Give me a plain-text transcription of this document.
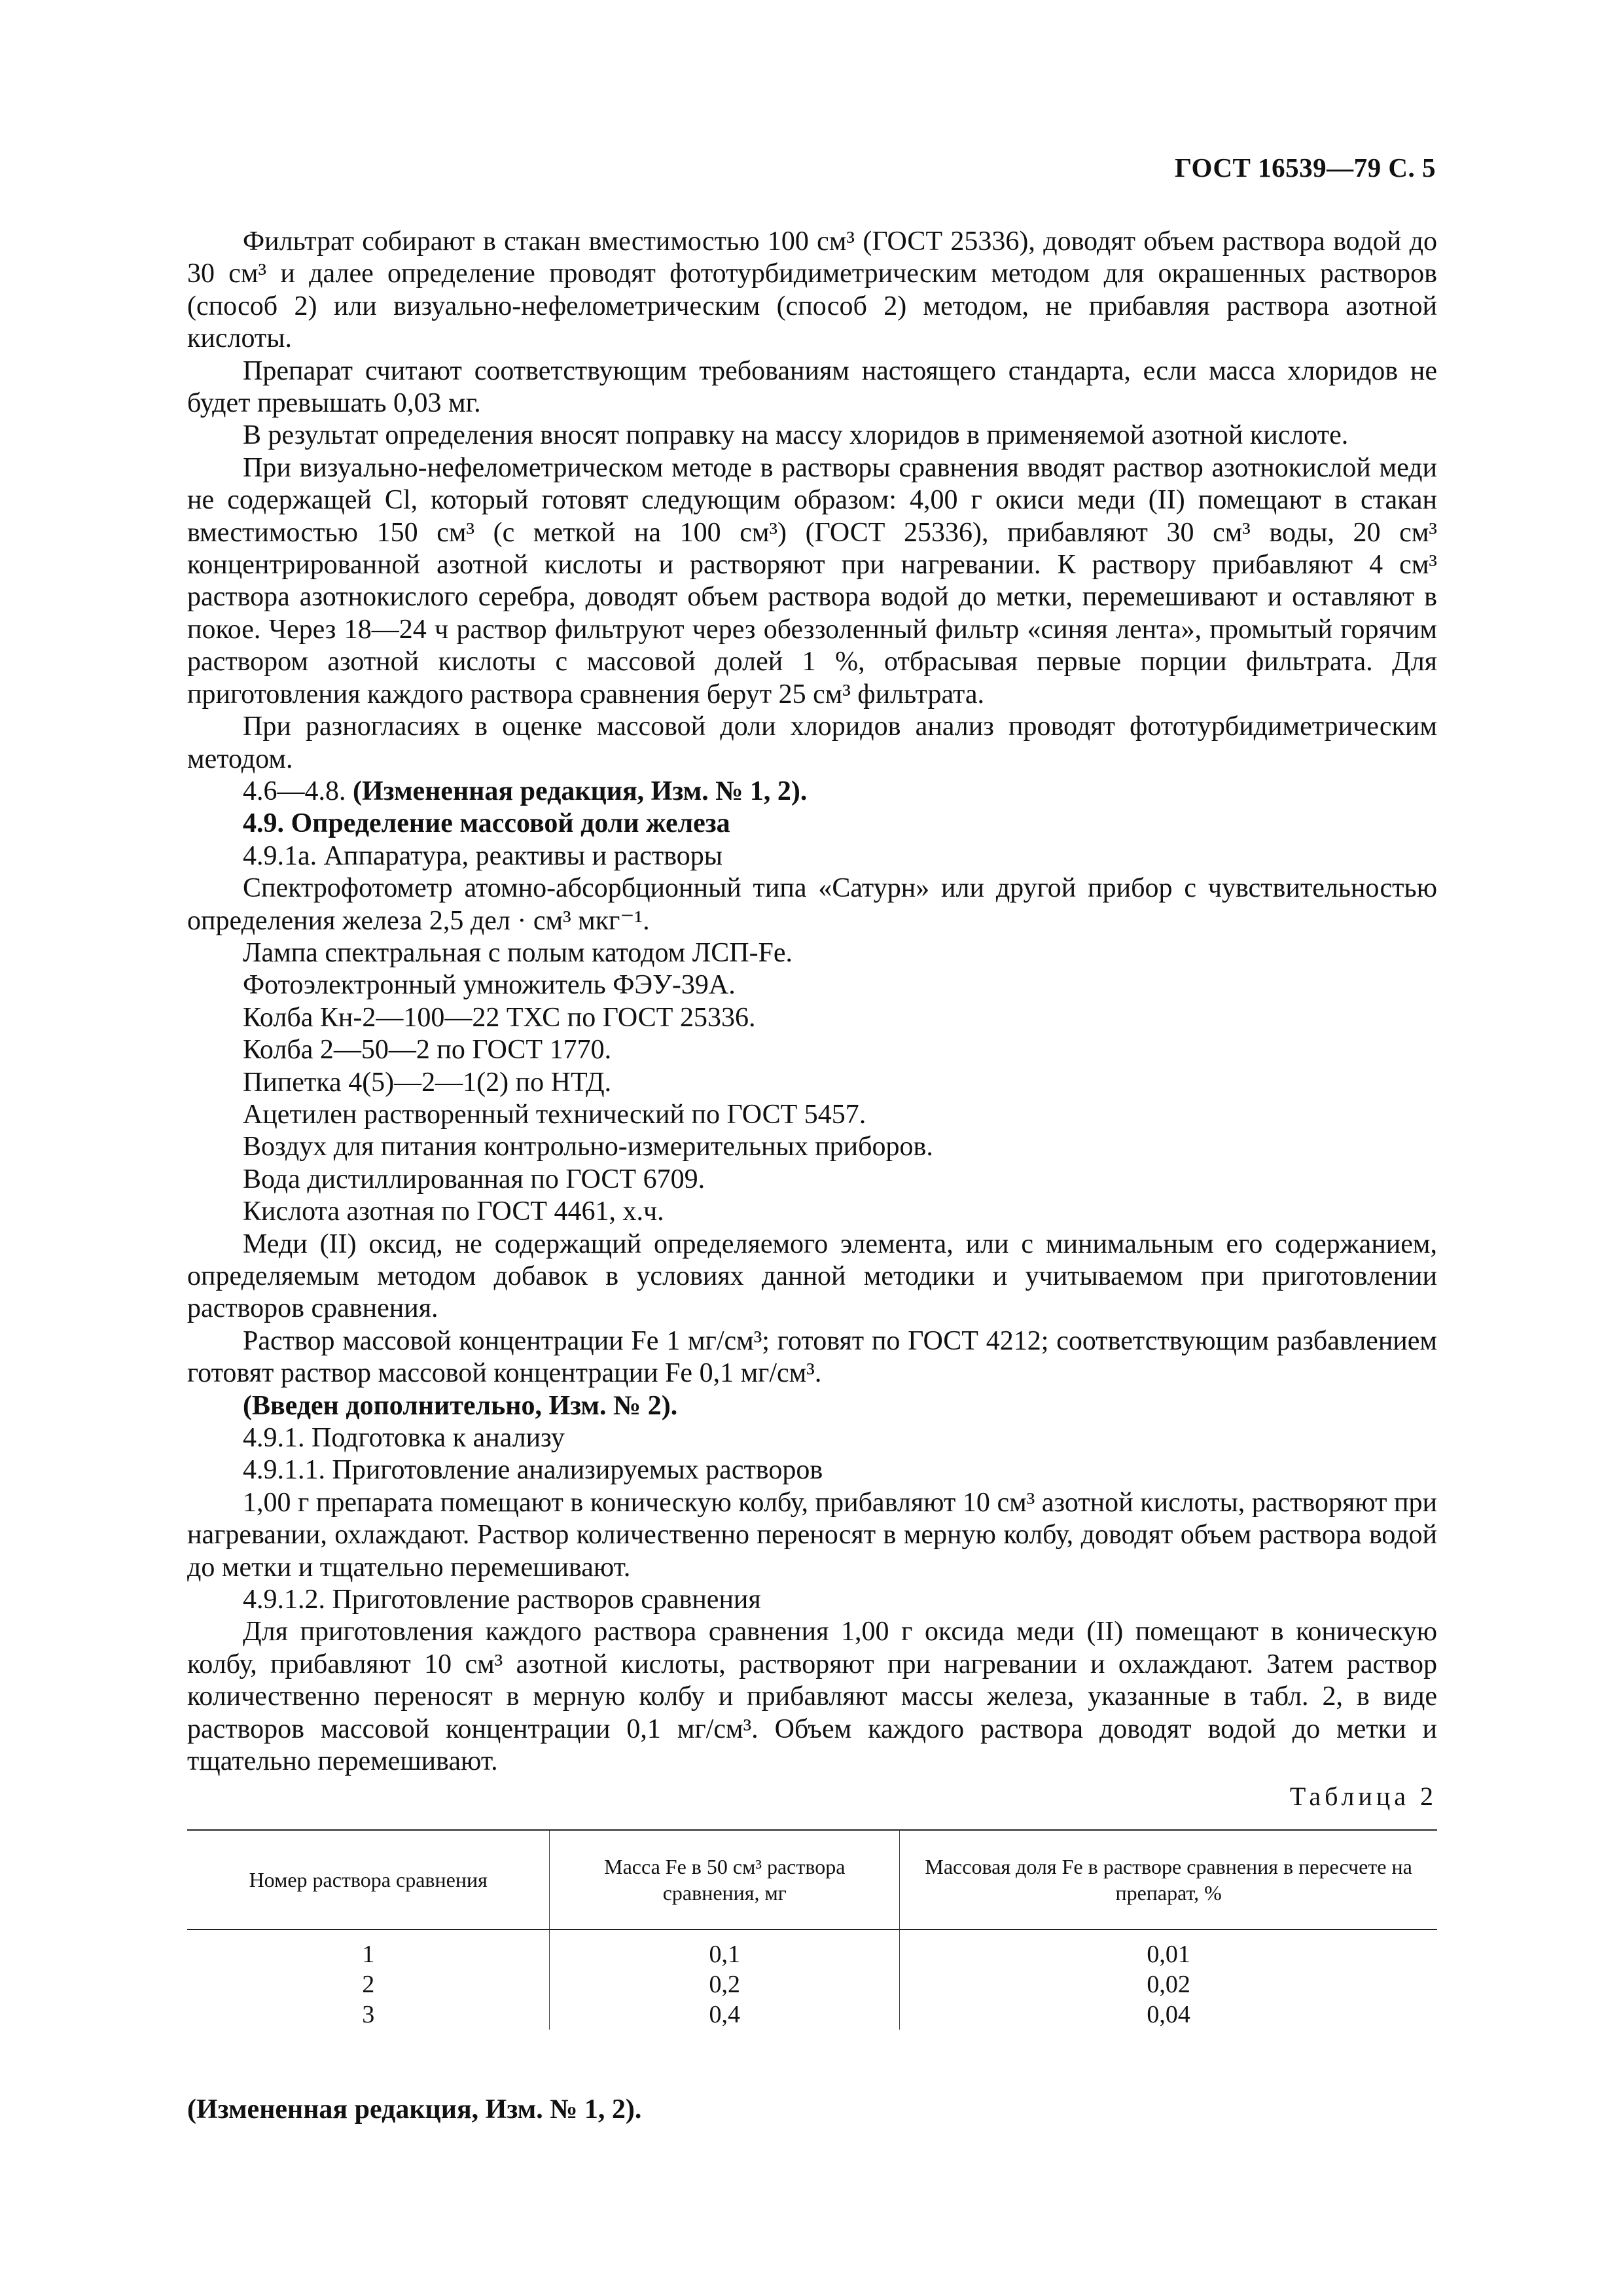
ГОСТ 16539—79 С. 5

Фильтрат собирают в стакан вместимостью 100 см³ (ГОСТ 25336), доводят объем раствора водой до 30 см³ и далее определение проводят фототурбидиметрическим методом для окрашенных растворов (способ 2) или визуально-нефелометрическим (способ 2) методом, не прибавляя раствора азотной кислоты.

Препарат считают соответствующим требованиям настоящего стандарта, если масса хлоридов не будет превышать 0,03 мг.

В результат определения вносят поправку на массу хлоридов в применяемой азотной кислоте.

При визуально-нефелометрическом методе в растворы сравнения вводят раствор азотнокислой меди не содержащей Cl, который готовят следующим образом: 4,00 г окиси меди (II) помещают в стакан вместимостью 150 см³ (с меткой на 100 см³) (ГОСТ 25336), прибавляют 30 см³ воды, 20 см³ концентрированной азотной кислоты и растворяют при нагревании. К раствору прибавляют 4 см³ раствора азотнокислого серебра, доводят объем раствора водой до метки, перемешивают и оставляют в покое. Через 18—24 ч раствор фильтруют через обеззоленный фильтр «синяя лента», промытый горячим раствором азотной кислоты с массовой долей 1 %, отбрасывая первые порции фильтрата. Для приготовления каждого раствора сравнения берут 25 см³ фильтрата.

При разногласиях в оценке массовой доли хлоридов анализ проводят фототурбидиметрическим методом.

4.6—4.8. (Измененная редакция, Изм. № 1, 2).

4.9. Определение массовой доли железа

4.9.1а. Аппаратура, реактивы и растворы

Спектрофотометр атомно-абсорбционный типа «Сатурн» или другой прибор с чувствительностью определения железа 2,5 дел · см³ мкг⁻¹.

Лампа спектральная с полым катодом ЛСП-Fe.

Фотоэлектронный умножитель ФЭУ-39А.

Колба Кн-2—100—22 ТХС по ГОСТ 25336.

Колба 2—50—2 по ГОСТ 1770.

Пипетка 4(5)—2—1(2) по НТД.

Ацетилен растворенный технический по ГОСТ 5457.

Воздух для питания контрольно-измерительных приборов.

Вода дистиллированная по ГОСТ 6709.

Кислота азотная по ГОСТ 4461, х.ч.

Меди (II) оксид, не содержащий определяемого элемента, или с минимальным его содержанием, определяемым методом добавок в условиях данной методики и учитываемом при приготовлении растворов сравнения.

Раствор массовой концентрации Fe 1 мг/см³; готовят по ГОСТ 4212; соответствующим разбавлением готовят раствор массовой концентрации Fe 0,1 мг/см³.

(Введен дополнительно, Изм. № 2).

4.9.1. Подготовка к анализу

4.9.1.1. Приготовление анализируемых растворов

1,00 г препарата помещают в коническую колбу, прибавляют 10 см³ азотной кислоты, растворяют при нагревании, охлаждают. Раствор количественно переносят в мерную колбу, доводят объем раствора водой до метки и тщательно перемешивают.

4.9.1.2. Приготовление растворов сравнения

Для приготовления каждого раствора сравнения 1,00 г оксида меди (II) помещают в коническую колбу, прибавляют 10 см³ азотной кислоты, растворяют при нагревании и охлаждают. Затем раствор количественно переносят в мерную колбу и прибавляют массы железа, указанные в табл. 2, в виде растворов массовой концентрации 0,1 мг/см³. Объем каждого раствора доводят водой до метки и тщательно перемешивают.

Таблица 2
Номер раствора сравнения	Масса Fe в 50 см³ раствора сравнения, мг	Массовая доля Fe в растворе сравнения в пересчете на препарат, %
1	0,1	0,01
2	0,2	0,02
3	0,4	0,04

(Измененная редакция, Изм. № 1, 2).
